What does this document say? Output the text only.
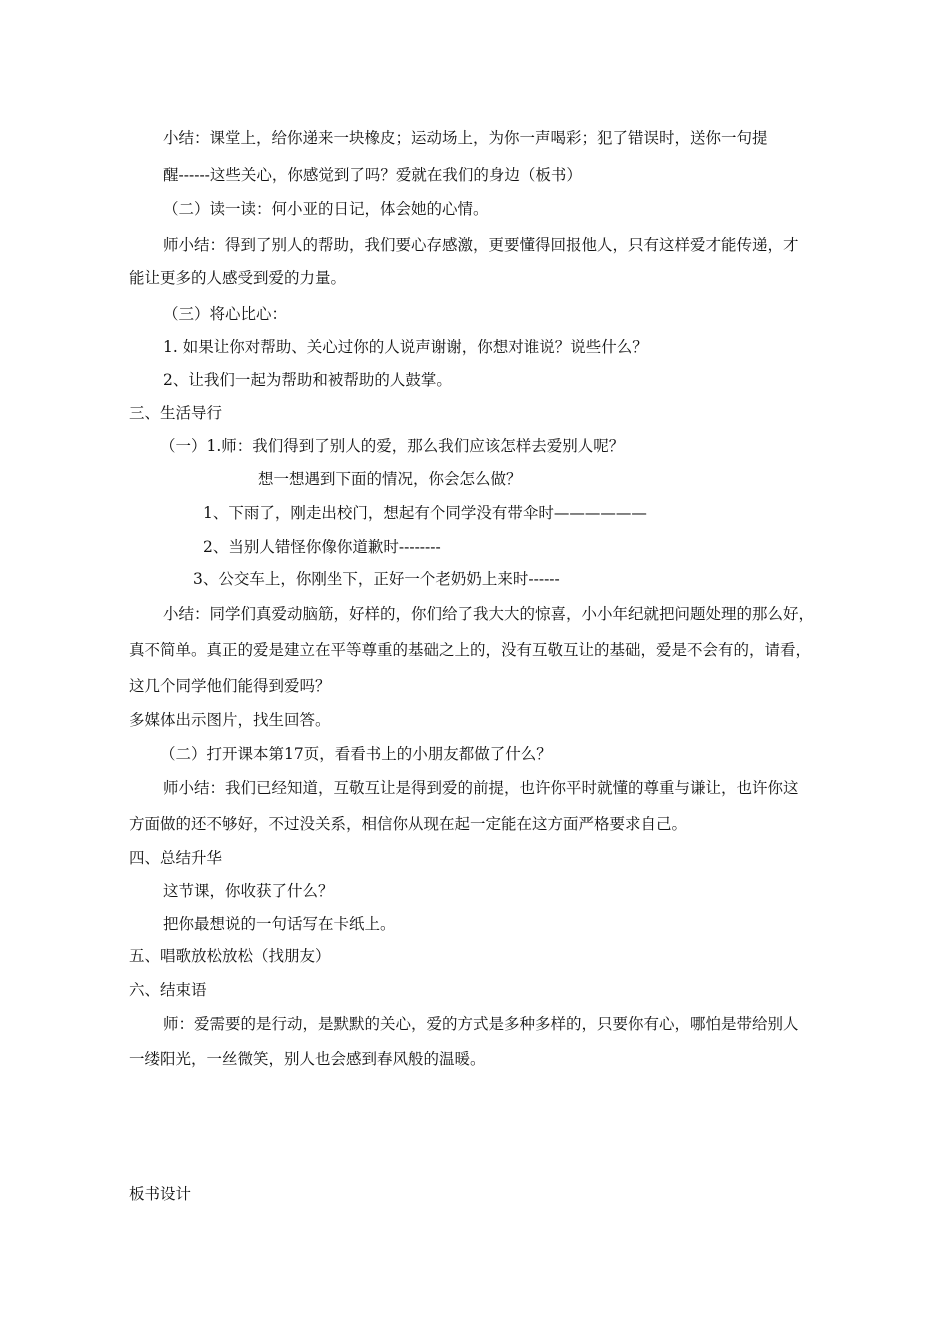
小结：课堂上，给你递来一块橡皮；运动场上，为你一声喝彩；犯了错误时，送你一句提
醒------这些关心，你感觉到了吗？爱就在我们的身边（板书）
（二）读一读：何小亚的日记，体会她的心情。
师小结：得到了别人的帮助，我们要心存感激，更要懂得回报他人，只有这样爱才能传递，才
能让更多的人感受到爱的力量。
（三）将心比心：
1. 如果让你对帮助、关心过你的人说声谢谢，你想对谁说？说些什么？
2、让我们一起为帮助和被帮助的人鼓掌。
三、生活导行
（一）1.师：我们得到了别人的爱，那么我们应该怎样去爱别人呢？
想一想遇到下面的情况，你会怎么做？
1、下雨了，刚走出校门，想起有个同学没有带伞时——————
2、当别人错怪你像你道歉时--------
3、公交车上，你刚坐下，正好一个老奶奶上来时------
小结：同学们真爱动脑筋，好样的，你们给了我大大的惊喜，小小年纪就把问题处理的那么好，
真不简单。真正的爱是建立在平等尊重的基础之上的，没有互敬互让的基础，爱是不会有的，请看，
这几个同学他们能得到爱吗？
多媒体出示图片，找生回答。
（二）打开课本第17页，看看书上的小朋友都做了什么？
师小结：我们已经知道，互敬互让是得到爱的前提，也许你平时就懂的尊重与谦让，也许你这
方面做的还不够好，不过没关系，相信你从现在起一定能在这方面严格要求自己。
四、总结升华
这节课，你收获了什么？
把你最想说的一句话写在卡纸上。
五、唱歌放松放松（找朋友）
六、结束语
师：爱需要的是行动，是默默的关心，爱的方式是多种多样的，只要你有心，哪怕是带给别人
一缕阳光，一丝微笑，别人也会感到春风般的温暖。
板书设计
